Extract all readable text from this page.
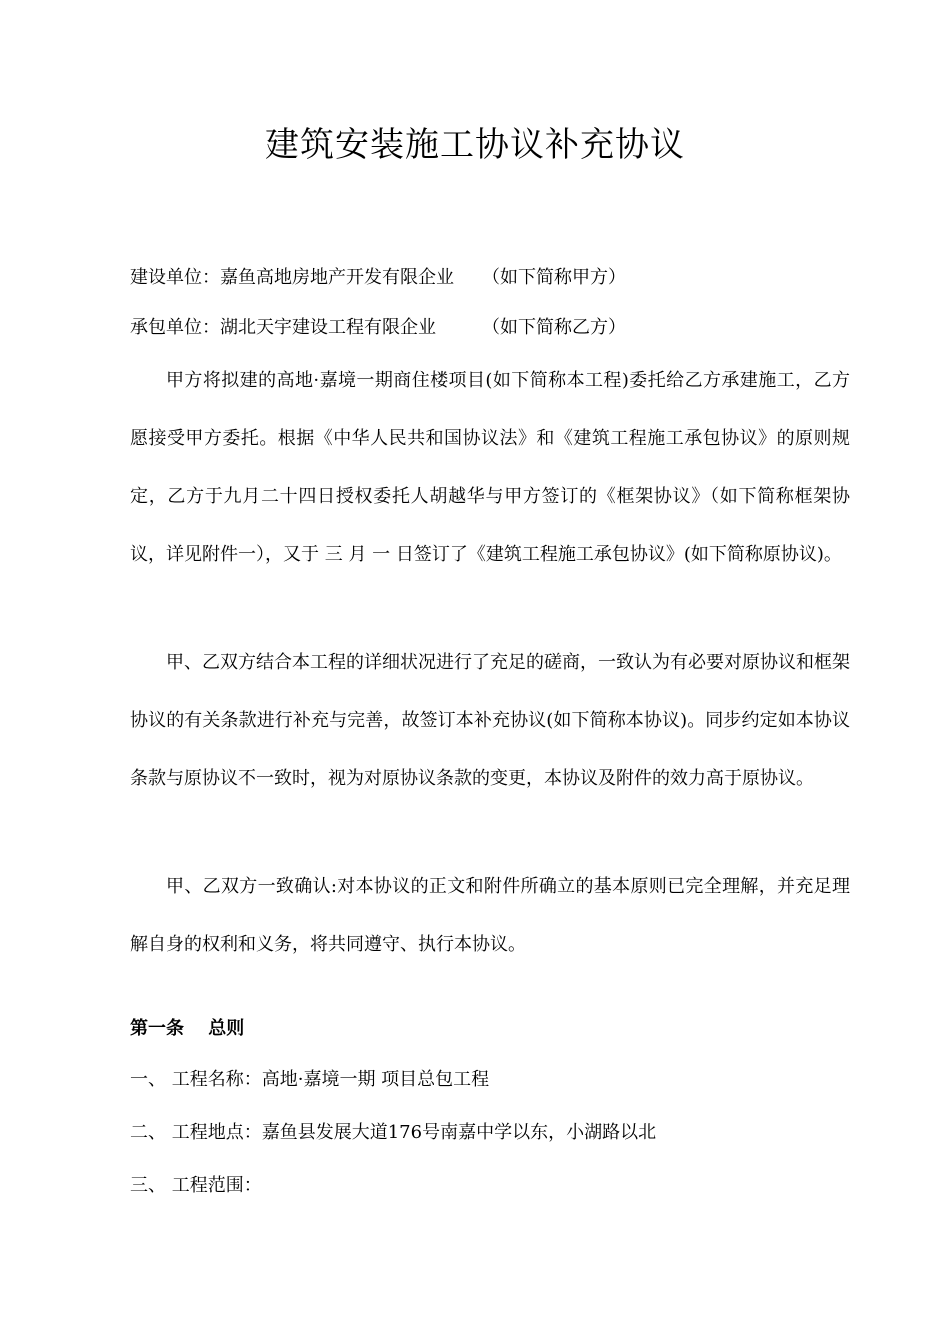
建筑安装施工协议补充协议
建设单位：嘉鱼高地房地产开发有限企业 （如下简称甲方）
承包单位：湖北天宇建设工程有限企业	（如下简称乙方）
甲方将拟建的高地·嘉境一期商住楼项目(如下简称本工程)委托给乙方承建施工，乙方愿接受甲方委托。根据《中华人民共和国协议法》和《建筑工程施工承包协议》的原则规定，乙方于九月二十四日授权委托人胡越华与甲方签订的《框架协议》（如下简称框架协议，详见附件一），又于 三 月 一 日签订了《建筑工程施工承包协议》(如下简称原协议)。
甲、乙双方结合本工程的详细状况进行了充足的磋商，一致认为有必要对原协议和框架协议的有关条款进行补充与完善，故签订本补充协议(如下简称本协议)。同步约定如本协议条款与原协议不一致时，视为对原协议条款的变更，本协议及附件的效力高于原协议。
甲、乙双方一致确认:对本协议的正文和附件所确立的基本原则已完全理解，并充足理解自身的权利和义务，将共同遵守、执行本协议。
第一条　 总则
一、 工程名称：高地·嘉境一期 项目总包工程
二、 工程地点：嘉鱼县发展大道176号南嘉中学以东，小湖路以北
三、 工程范围：
